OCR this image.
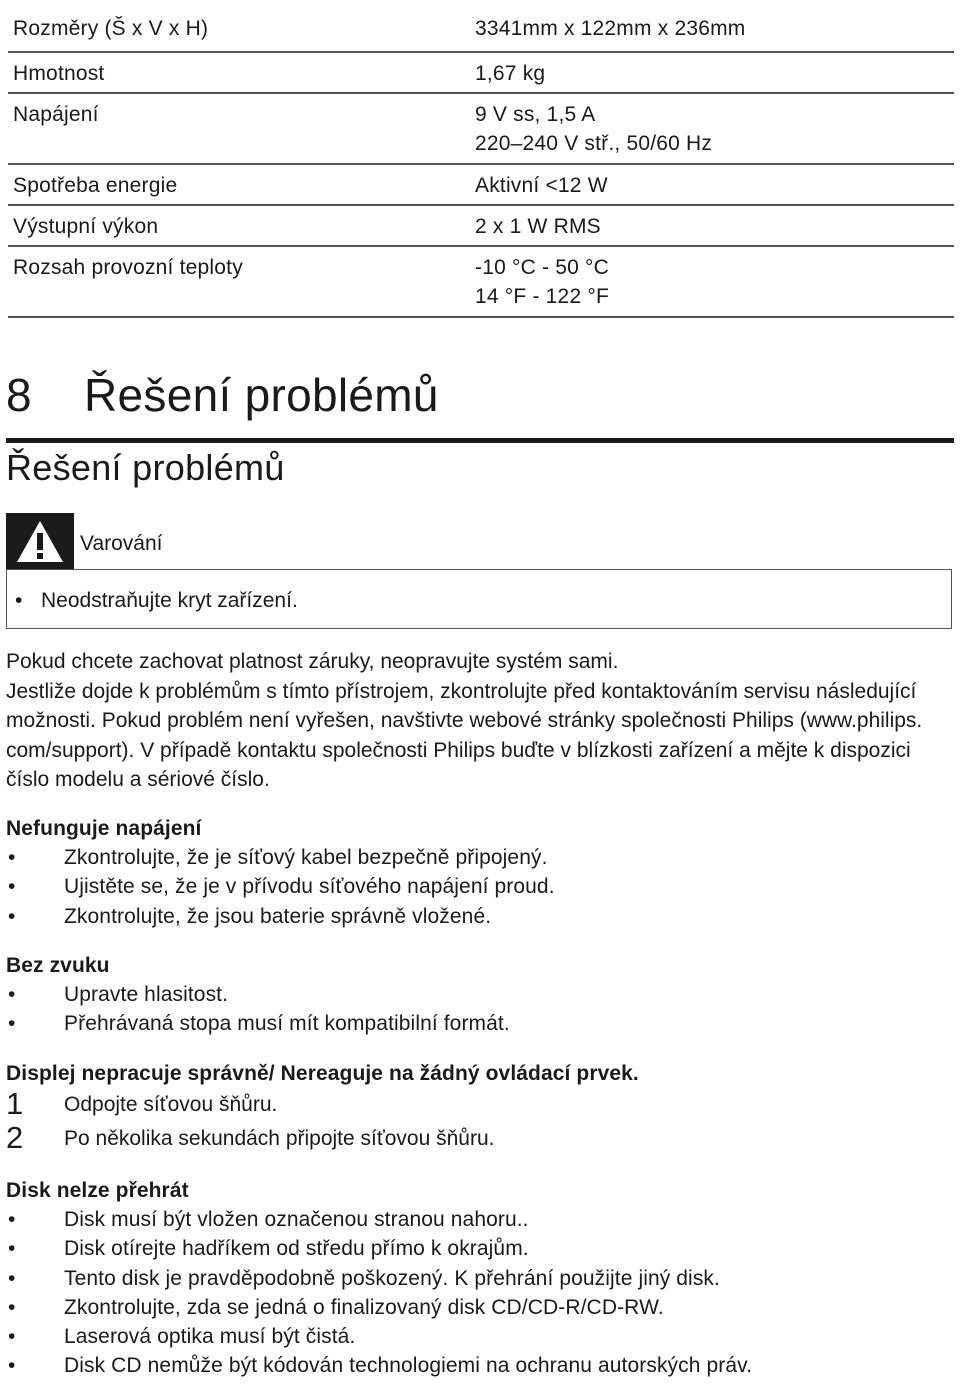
Rozměry (Š x V x H)	3341mm x 122mm x 236mm
Hmotnost	1,67 kg
Napájení	9 V ss, 1,5 A
220–240 V stř., 50/60 Hz
Spotřeba energie	Aktivní <12 W
Výstupní výkon	2 x 1 W RMS
Rozsah provozní teploty	-10 °C - 50 °C
14 °F - 122 °F
8 Řešení problémů
Řešení problémů
Varování
• Neodstraňujte kryt zařízení.

Pokud chcete zachovat platnost záruky, neopravujte systém sami.

Jestliže dojde k problémům s tímto přístrojem, zkontrolujte před kontaktováním servisu následující

možnosti. Pokud problém není vyřešen, navštivte webové stránky společnosti Philips (www.philips.

com/support). V případě kontaktu společnosti Philips buďte v blízkosti zařízení a mějte k dispozici

číslo modelu a sériové číslo.

Nefunguje napájení
• Zkontrolujte, že je síťový kabel bezpečně připojený.
• Ujistěte se, že je v přívodu síťového napájení proud.
• Zkontrolujte, že jsou baterie správně vložené.
Bez zvuku
• Upravte hlasitost.
• Přehrávaná stopa musí mít kompatibilní formát.
Displej nepracuje správně/ Nereaguje na žádný ovládací prvek.
1 Odpojte síťovou šňůru.
2 Po několika sekundách připojte síťovou šňůru.
Disk nelze přehrát
• Disk musí být vložen označenou stranou nahoru..
• Disk otírejte hadříkem od středu přímo k okrajům.
• Tento disk je pravděpodobně poškozený. K přehrání použijte jiný disk.
• Zkontrolujte, zda se jedná o finalizovaný disk CD/CD-R/CD-RW.
• Laserová optika musí být čistá.
• Disk CD nemůže být kódován technologiemi na ochranu autorských práv.
